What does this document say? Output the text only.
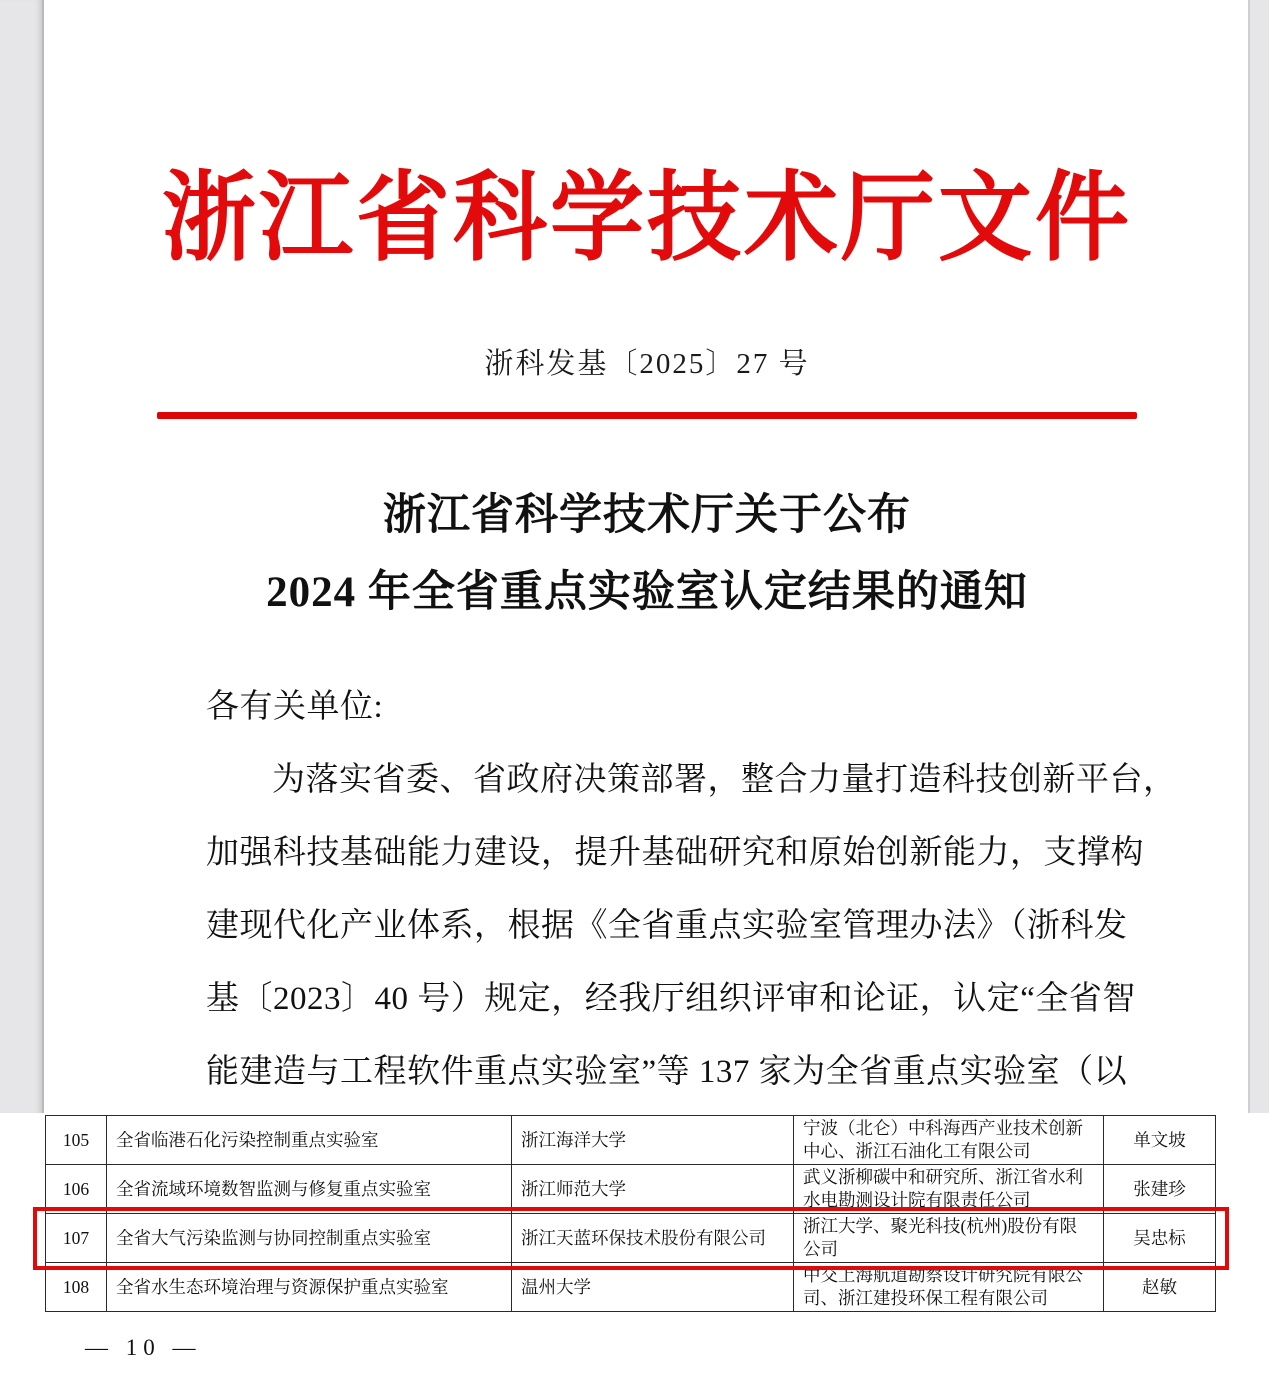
浙江省科学技术厅文件
浙科发基〔2025〕27 号
浙江省科学技术厅关于公布
2024 年全省重点实验室认定结果的通知
各有关单位:
为落实省委、省政府决策部署，整合力量打造科技创新平台，
加强科技基础能力建设，提升基础研究和原始创新能力，支撑构
建现代化产业体系，根据《全省重点实验室管理办法》（浙科发
基〔2023〕40 号）规定，经我厅组织评审和论证，认定“全省智
能建造与工程软件重点实验室”等 137 家为全省重点实验室（以
105	全省临港石化污染控制重点实验室	浙江海洋大学	宁波（北仑）中科海西产业技术创新中心、浙江石油化工有限公司	单文坡
106	全省流域环境数智监测与修复重点实验室	浙江师范大学	武义浙柳碳中和研究所、浙江省水利水电勘测设计院有限责任公司	张建珍
107	全省大气污染监测与协同控制重点实验室	浙江天蓝环保技术股份有限公司	浙江大学、聚光科技(杭州)股份有限公司	吴忠标
108	全省水生态环境治理与资源保护重点实验室	温州大学	中交上海航道勘察设计研究院有限公司、浙江建投环保工程有限公司	赵敏
— 10 —
